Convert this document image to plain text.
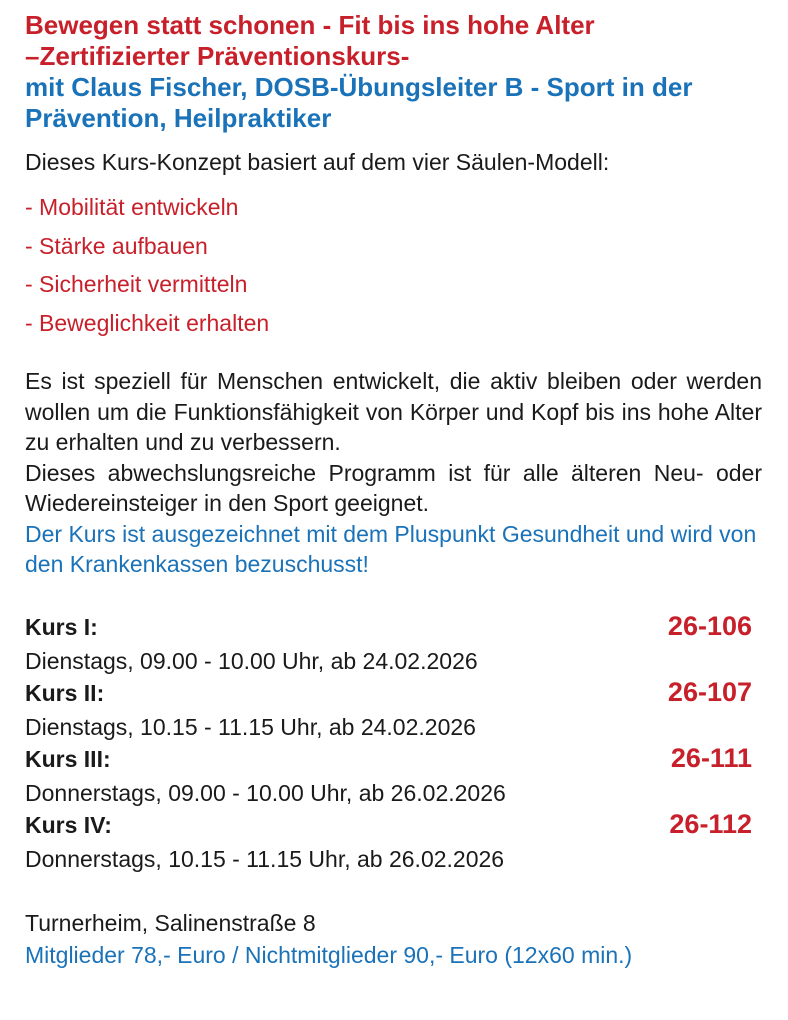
Bewegen statt schonen - Fit bis ins hohe Alter
–Zertifizierter Präventionskurs-
mit Claus Fischer, DOSB-Übungsleiter B - Sport in der Prävention, Heilpraktiker

Dieses Kurs-Konzept basiert auf dem vier Säulen-Modell:

- Mobilität entwickeln
- Stärke aufbauen
- Sicherheit vermitteln
- Beweglichkeit erhalten

Es ist speziell für Menschen entwickelt, die aktiv bleiben oder werden wollen um die Funktionsfähigkeit von Körper und Kopf bis ins hohe Alter zu erhalten und zu verbessern.

Dieses abwechslungsreiche Programm ist für alle älteren Neu- oder Wiedereinsteiger in den Sport geeignet.

Der Kurs ist ausgezeichnet mit dem Pluspunkt Gesundheit und wird von den Krankenkassen bezuschusst!

Kurs I:	26-106
Dienstags, 09.00 - 10.00 Uhr, ab 24.02.2026
Kurs II:	26-107
Dienstags, 10.15 - 11.15 Uhr, ab 24.02.2026
Kurs III:	26-111
Donnerstags, 09.00 - 10.00 Uhr, ab 26.02.2026
Kurs IV:	26-112
Donnerstags, 10.15 - 11.15 Uhr, ab 26.02.2026
Turnerheim, Salinenstraße 8
Mitglieder 78,- Euro / Nichtmitglieder 90,- Euro (12x60 min.)
